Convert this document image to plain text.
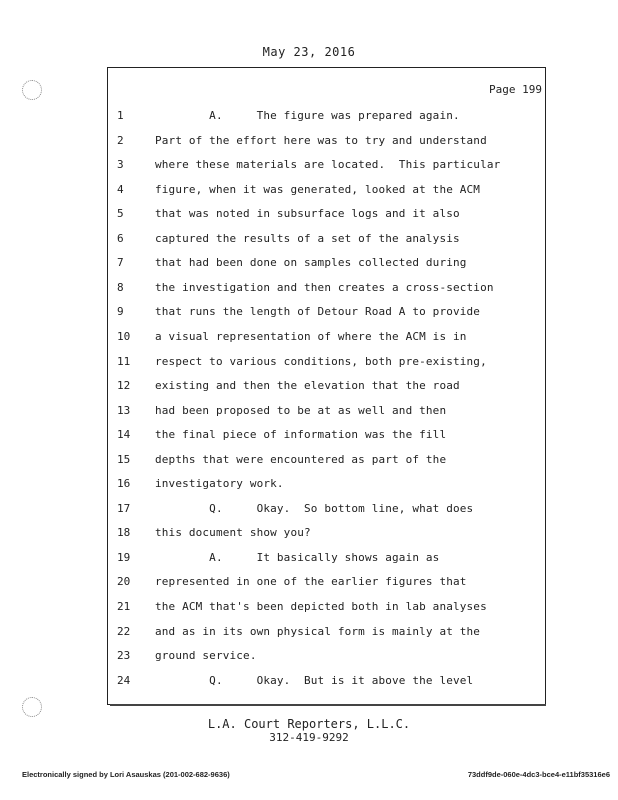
May 23, 2016
Page 199
1	A.     The figure was prepared again.
2	Part of the effort here was to try and understand
3	where these materials are located.  This particular
4	figure, when it was generated, looked at the ACM
5	that was noted in subsurface logs and it also
6	captured the results of a set of the analysis
7	that had been done on samples collected during
8	the investigation and then creates a cross-section
9	that runs the length of Detour Road A to provide
10	a visual representation of where the ACM is in
11	respect to various conditions, both pre-existing,
12	existing and then the elevation that the road
13	had been proposed to be at as well and then
14	the final piece of information was the fill
15	depths that were encountered as part of the
16	investigatory work.
17	Q.     Okay.  So bottom line, what does
18	this document show you?
19	A.     It basically shows again as
20	represented in one of the earlier figures that
21	the ACM that's been depicted both in lab analyses
22	and as in its own physical form is mainly at the
23	ground service.
24	Q.     Okay.  But is it above the level
L.A. Court Reporters, L.L.C.
312-419-9292
Electronically signed by Lori Asauskas (201-002-682-9636)	73ddf9de-060e-4dc3-bce4-e11bf35316e6
